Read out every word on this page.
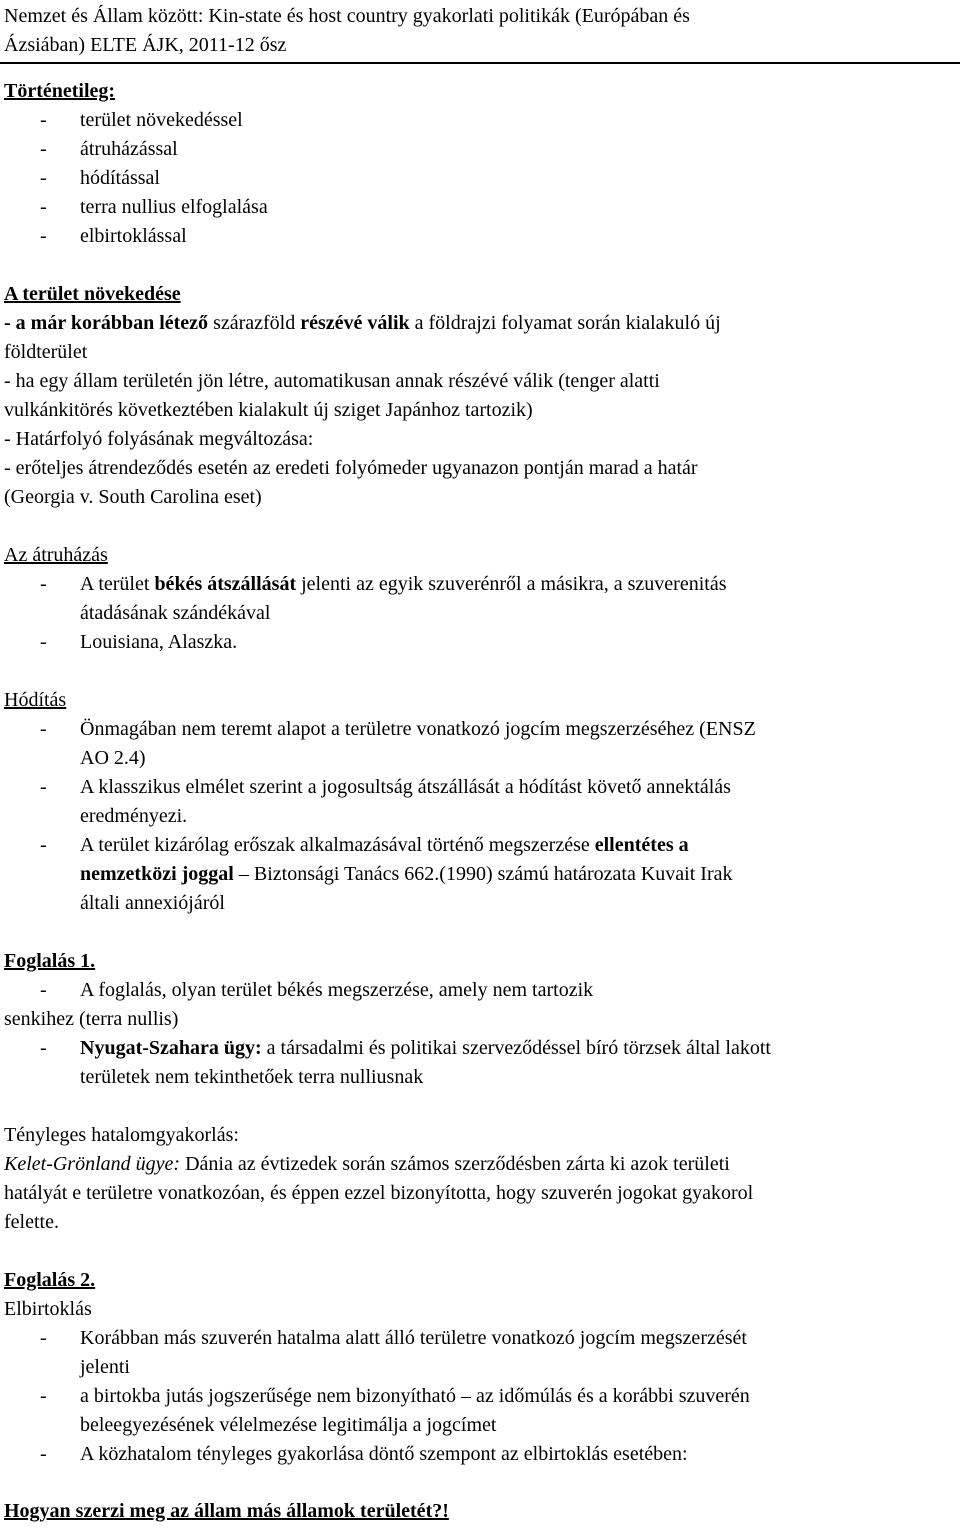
Nemzet és Állam között: Kin-state és host country gyakorlati politikák (Európában és
Ázsiában) ELTE ÁJK, 2011-12 ősz
Történetileg:
- terület növekedéssel
- átruházással
- hódítással
- terra nullius elfoglalása
- elbirtoklással
A terület növekedése
- a már korábban létező szárazföld részévé válik a földrajzi folyamat során kialakuló új
földterület
- ha egy állam területén jön létre, automatikusan annak részévé válik (tenger alatti
vulkánkitörés következtében kialakult új sziget Japánhoz tartozik)
- Határfolyó folyásának megváltozása:
- erőteljes átrendeződés esetén az eredeti folyómeder ugyanazon pontján marad a határ
(Georgia v. South Carolina eset)
Az átruházás
- A terület békés átszállását jelenti az egyik szuverénről a másikra, a szuverenitás
átadásának szándékával
- Louisiana, Alaszka.
Hódítás
- Önmagában nem teremt alapot a területre vonatkozó jogcím megszerzéséhez (ENSZ
AO 2.4)
- A klasszikus elmélet szerint a jogosultság átszállását a hódítást követő annektálás
eredményezi.
- A terület kizárólag erőszak alkalmazásával történő megszerzése ellentétes a
nemzetközi joggal – Biztonsági Tanács 662.(1990) számú határozata Kuvait Irak
általi annexiójáról
Foglalás 1.
- A foglalás, olyan terület békés megszerzése, amely nem tartozik
senkihez (terra nullis)
- Nyugat-Szahara ügy: a társadalmi és politikai szerveződéssel bíró törzsek által lakott
területek nem tekinthetőek terra nulliusnak
Tényleges hatalomgyakorlás:
Kelet-Grönland ügye: Dánia az évtizedek során számos szerződésben zárta ki azok területi
hatályát e területre vonatkozóan, és éppen ezzel bizonyította, hogy szuverén jogokat gyakorol
felette.
Foglalás 2.
Elbirtoklás
- Korábban más szuverén hatalma alatt álló területre vonatkozó jogcím megszerzését
jelenti
- a birtokba jutás jogszerűsége nem bizonyítható – az időmúlás és a korábbi szuverén
beleegyezésének vélelmezése legitimálja a jogcímet
- A közhatalom tényleges gyakorlása döntő szempont az elbirtoklás esetében:
Hogyan szerzi meg az állam más államok területét?!
